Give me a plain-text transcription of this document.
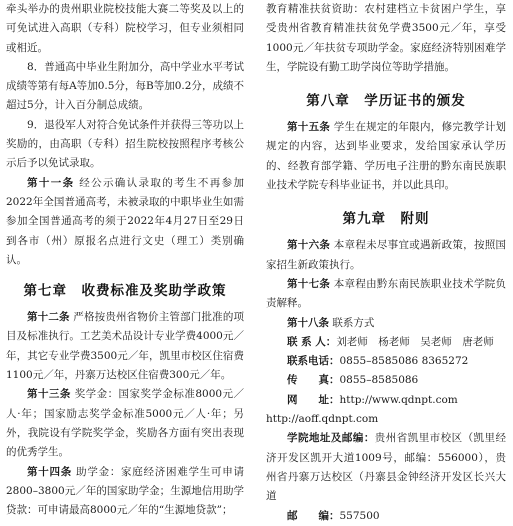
牵头举办的贵州职业院校技能大赛二等奖及以上的可免试进入高职（专科）院校学习，但专业须相同或相近。

8．普通高中毕业生附加分，高中学业水平考试成绩等第有每A等加0.5分，每B等加0.2分，成绩不超过5分，计入百分制总成绩。

9．退役军人对符合免试条件并获得三等功以上奖励的，由高职（专科）招生院校按照程序考核公示后予以免试录取。

第十一条 经公示确认录取的考生不再参加2022年全国普通高考，未被录取的中职毕业生如需参加全国普通高考的须于2022年4月27日至29日到各市（州）原报名点进行文史（理工）类别确认。

第七章　收费标准及奖助学政策

第十二条 严格按贵州省物价主管部门批准的项目及标准执行。工艺美术品设计专业学费4000元／年，其它专业学费3500元／年，凯里市校区住宿费1100元／年，丹寨万达校区住宿费300元／年。

第十三条 奖学金：国家奖学金标准8000元／人·年；国家励志奖学金标准5000元／人·年；另外，我院设有学院奖学金，奖励各方面有突出表现的优秀学生。

第十四条 助学金：家庭经济困难学生可申请2800–3800元／年的国家助学金；生源地信用助学贷款：可申请最高8000元／年的“生源地贷款”；

教育精准扶贫资助：农村建档立卡贫困户学生，享受贵州省教育精准扶贫免学费3500元／年，享受1000元／年扶贫专项助学金。家庭经济特别困难学生，学院设有勤工助学岗位等助学措施。

第八章　学历证书的颁发

第十五条 学生在规定的年限内，修完教学计划规定的内容，达到毕业要求，发给国家承认学历的、经教育部学籍、学历电子注册的黔东南民族职业技术学院专科毕业证书，并以此具印。

第九章　附则

第十六条 本章程未尽事宜或遇新政策，按照国家招生新政策执行。

第十七条 本章程由黔东南民族职业技术学院负责解释。

第十八条 联系方式

联 系 人：刘老师　杨老师　吴老师　唐老师

联系电话：0855–8585086 8365272

传　　真：0855–8585086

网　　址：http://www.qdnpt.com

http://aoff.qdnpt.com

学院地址及邮编：贵州省凯里市校区（凯里经济开发区凯开大道1009号，邮编：556000），贵州省丹寨万达校区（丹寨县金钟经济开发区长兴大道

邮　　编：557500
